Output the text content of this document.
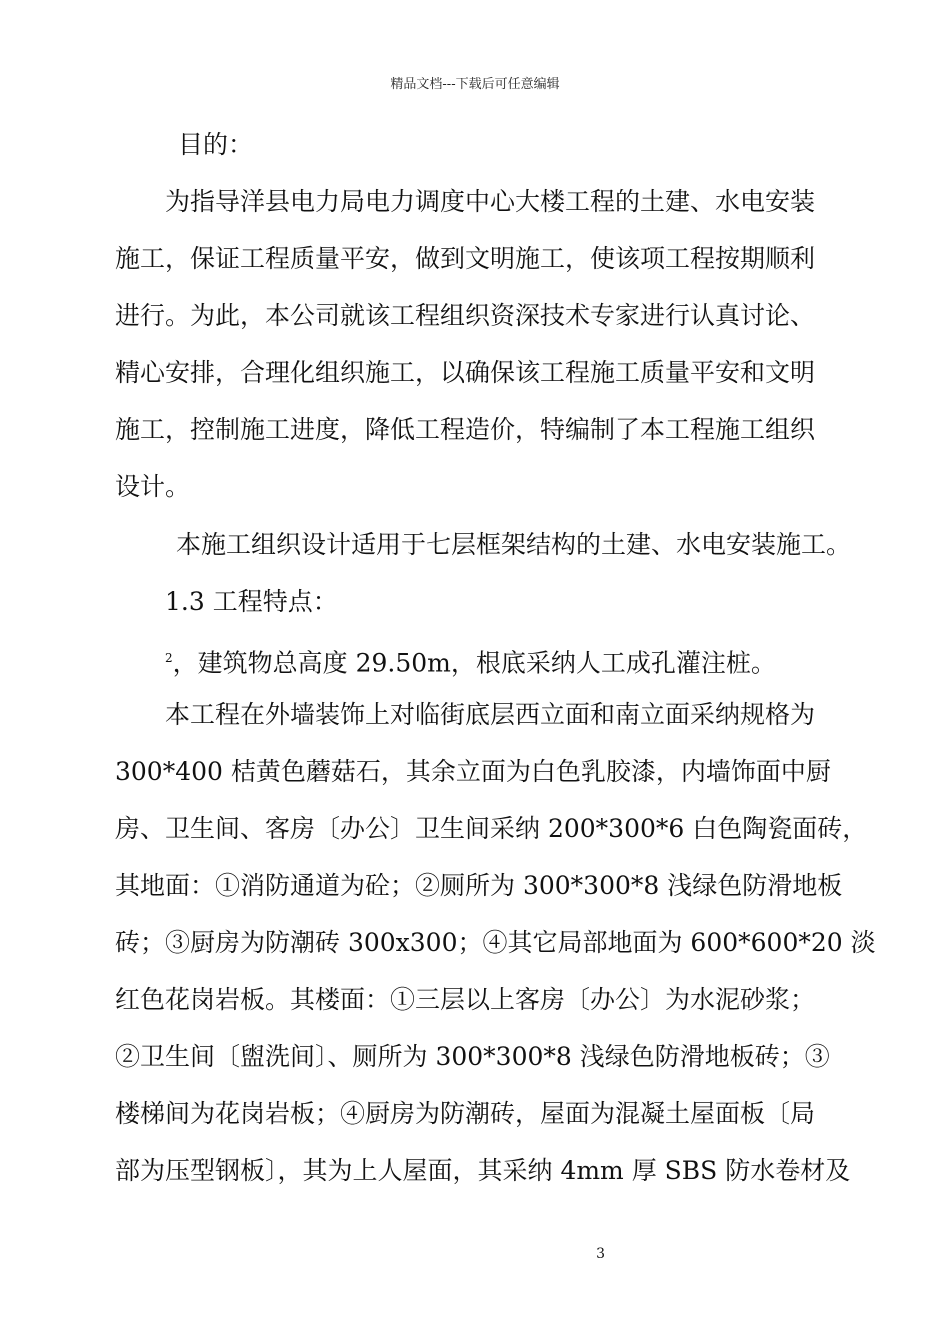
精品文档---下载后可任意编辑
目的：
为指导洋县电力局电力调度中心大楼工程的土建、水电安装
施工，保证工程质量平安，做到文明施工，使该项工程按期顺利
进行。为此，本公司就该工程组织资深技术专家进行认真讨论、
精心安排，合理化组织施工，以确保该工程施工质量平安和文明
施工，控制施工进度，降低工程造价，特编制了本工程施工组织
设计。
本施工组织设计适用于七层框架结构的土建、水电安装施工。
1.3 工程特点：
$^2$，建筑物总高度 29.50m，根底采纳人工成孔灌注桩。
本工程在外墙装饰上对临街底层西立面和南立面采纳规格为
300*400 桔黄色蘑菇石，其余立面为白色乳胶漆，内墙饰面中厨
房、卫生间、客房〔办公〕卫生间采纳 200*300*6 白色陶瓷面砖，
其地面：①消防通道为砼；②厕所为 300*300*8 浅绿色防滑地板
砖；③厨房为防潮砖 300x300；④其它局部地面为 600*600*20 淡
红色花岗岩板。其楼面：①三层以上客房〔办公〕为水泥砂浆；
②卫生间〔盥洗间〕、厕所为 300*300*8 浅绿色防滑地板砖；③
楼梯间为花岗岩板；④厨房为防潮砖，屋面为混凝土屋面板〔局
部为压型钢板〕，其为上人屋面，其采纳 4mm 厚 SBS 防水卷材及
3
